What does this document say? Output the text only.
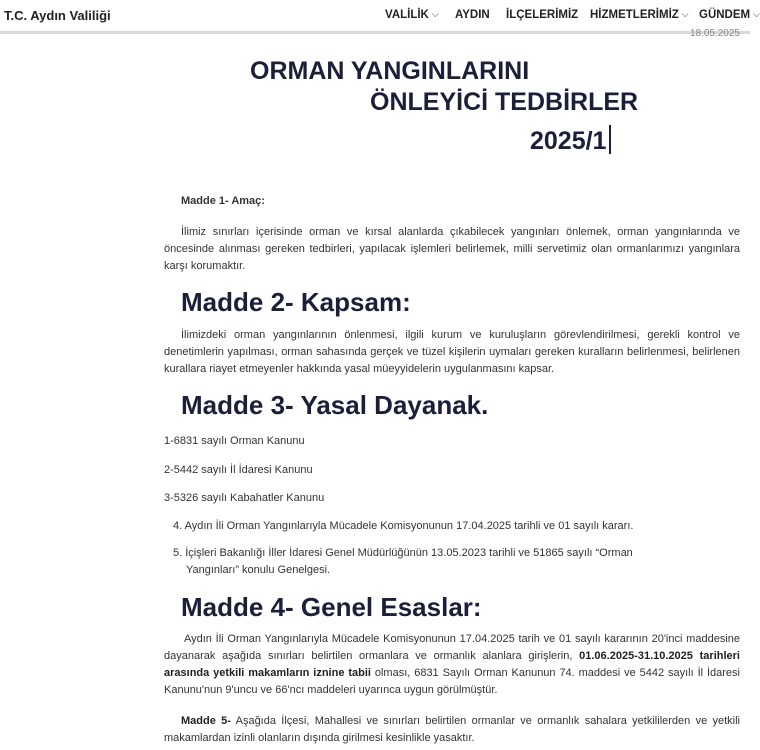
T.C. Aydın Valiliği	VALİLİK ⌵ AYDIN İLÇELERİMİZ HİZMETLERİMİZ ⌵ GÜNDEM ⌵
18.05.2025
ORMAN YANGINLARINI
ÖNLEYİCİ TEDBİRLER
2025/1
Madde 1- Amaç:

İlimiz sınırları içerisinde orman ve kırsal alanlarda çıkabilecek yangınları önlemek, orman yangınlarında ve öncesinde alınması gereken tedbirleri, yapılacak işlemleri belirlemek, milli servetimiz olan ormanlarımızı yangınlara karşı korumaktır.

Madde 2- Kapsam:

İlimizdeki orman yangınlarının önlenmesi, ilgili kurum ve kuruluşların görevlendirilmesi, gerekli kontrol ve denetimlerin yapılması, orman sahasında gerçek ve tüzel kişilerin uymaları gereken kuralların belirlenmesi, belirlenen kurallara riayet etmeyenler hakkında yasal müeyyidelerin uygulanmasını kapsar.

Madde 3- Yasal Dayanak.
1-6831 sayılı Orman Kanunu
2-5442 sayılı İl İdaresi Kanunu
3-5326 sayılı Kabahatler Kanunu
4. Aydın İli Orman Yangınlarıyla Mücadele Komisyonunun 17.04.2025 tarihli ve 01 sayılı kararı.
5. İçişleri Bakanlığı İller İdaresi Genel Müdürlüğünün 13.05.2023 tarihli ve 51865 sayılı “Orman
Yangınları” konulu Genelgesi.
Madde 4- Genel Esaslar:

Aydın İli Orman Yangınlarıyla Mücadele Komisyonunun 17.04.2025 tarih ve 01 sayılı kararının 20'inci maddesine dayanarak aşağıda sınırları belirtilen ormanlara ve ormanlık alanlara girişlerin, 01.06.2025-31.10.2025 tarihleri arasında yetkili makamların iznine tabii olması, 6831 Sayılı Orman Kanunun 74. maddesi ve 5442 sayılı İl İdaresi Kanunu'nun 9'uncu ve 66'ncı maddeleri uyarınca uygun görülmüştür.

Madde 5- Aşağıda İlçesi, Mahallesi ve sınırları belirtilen ormanlar ve ormanlık sahalara yetkililerden ve yetkili makamlardan izinli olanların dışında girilmesi kesinlikle yasaktır.
